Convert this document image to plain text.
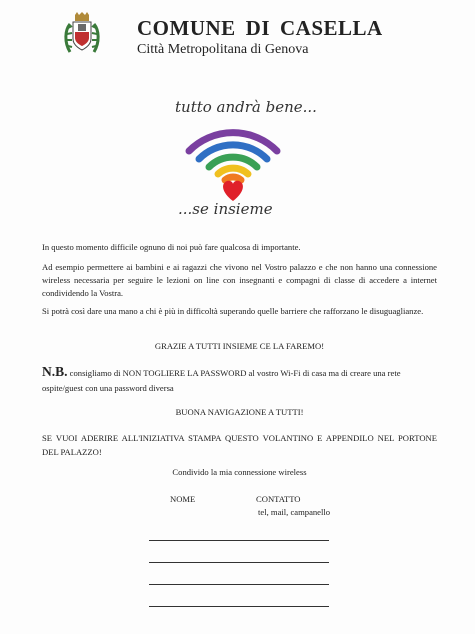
COMUNE DI CASELLA
Città Metropolitana di Genova
tutto andrà bene...
...se insieme
In questo momento difficile ognuno di noi può fare qualcosa di importante.
Ad esempio permettere ai bambini e ai ragazzi che vivono nel Vostro palazzo e che non hanno una connessione wireless necessaria per seguire le lezioni on line con insegnanti e compagni di classe di accedere a internet condividendo la Vostra.
Si potrà così dare una mano a chi è più in difficoltà superando quelle barriere che rafforzano le disuguaglianze.
GRAZIE A TUTTI INSIEME CE LA FAREMO!
N.B. consigliamo di NON TOGLIERE LA PASSWORD al vostro Wi-Fi di casa ma di creare una rete ospite/guest con una password diversa
BUONA NAVIGAZIONE A TUTTI!
SE VUOI ADERIRE ALL'INIZIATIVA STAMPA QUESTO VOLANTINO E APPENDILO NEL PORTONE DEL PALAZZO!
Condivido la mia connessione wireless
NOME	CONTATTO
tel, mail, campanello
